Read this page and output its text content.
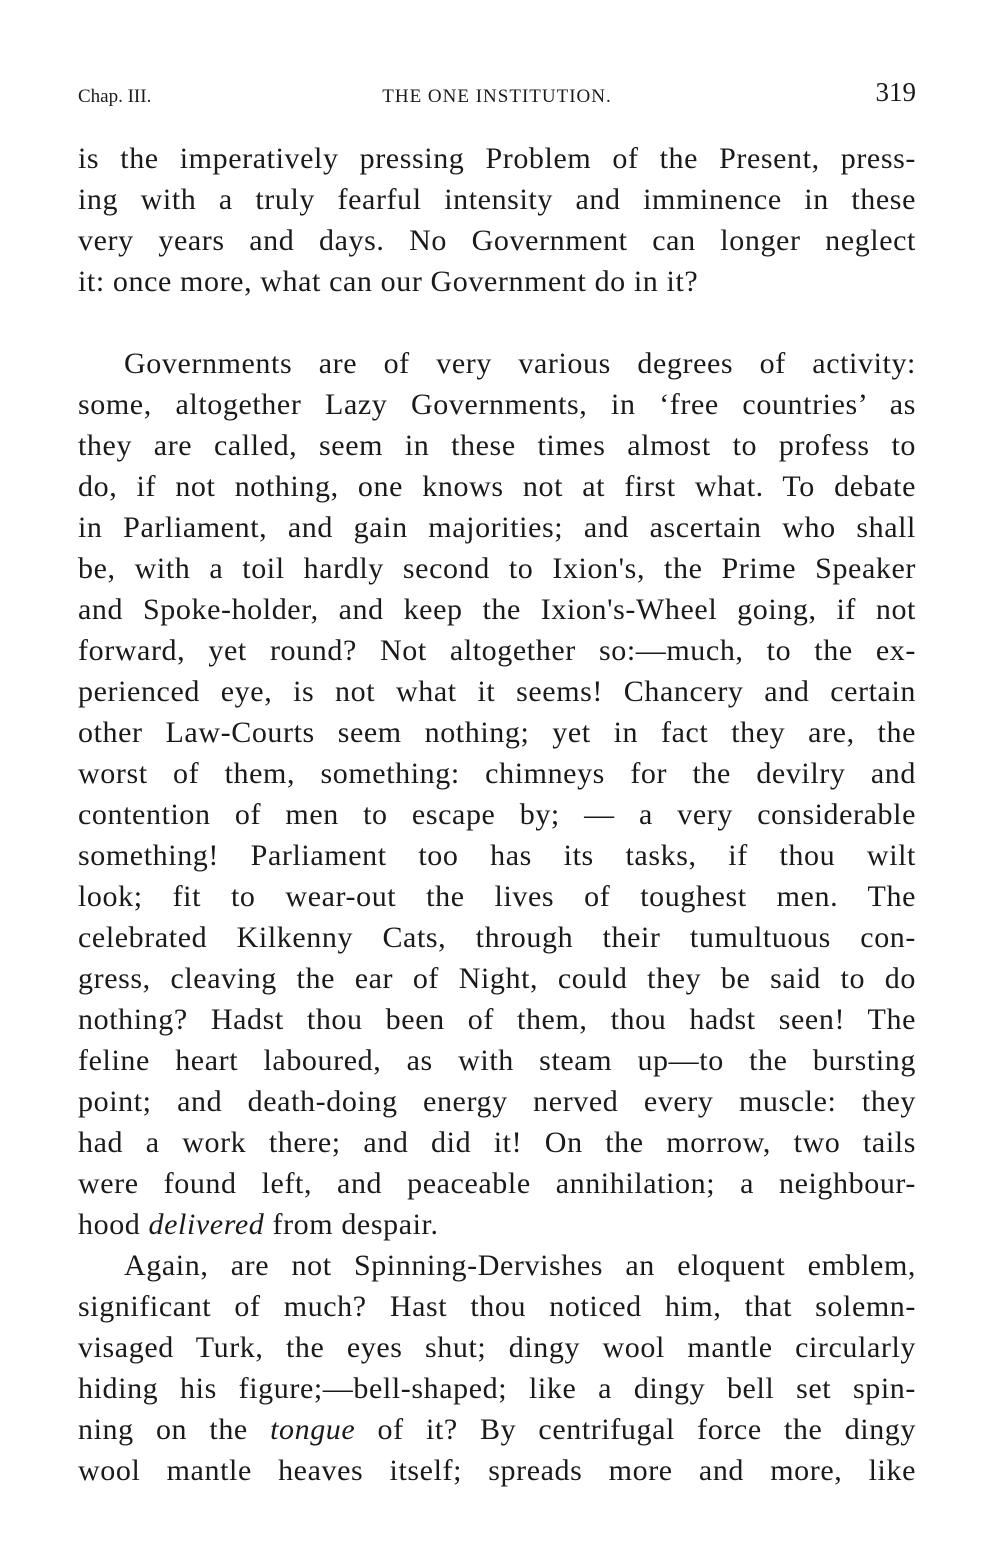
Chap. III.	THE ONE INSTITUTION.	319
is the imperatively pressing Problem of the Present, press-
ing with a truly fearful intensity and imminence in these
very years and days. No Government can longer neglect
it: once more, what can our Government do in it?
Governments are of very various degrees of activity:
some, altogether Lazy Governments, in ‘free countries’ as
they are called, seem in these times almost to profess to
do, if not nothing, one knows not at first what. To debate
in Parliament, and gain majorities; and ascertain who shall
be, with a toil hardly second to Ixion's, the Prime Speaker
and Spoke-holder, and keep the Ixion's-Wheel going, if not
forward, yet round? Not altogether so:—much, to the ex-
perienced eye, is not what it seems! Chancery and certain
other Law-Courts seem nothing; yet in fact they are, the
worst of them, something: chimneys for the devilry and
contention of men to escape by; — a very considerable
something! Parliament too has its tasks, if thou wilt
look; fit to wear-out the lives of toughest men. The
celebrated Kilkenny Cats, through their tumultuous con-
gress, cleaving the ear of Night, could they be said to do
nothing? Hadst thou been of them, thou hadst seen! The
feline heart laboured, as with steam up—to the bursting
point; and death-doing energy nerved every muscle: they
had a work there; and did it! On the morrow, two tails
were found left, and peaceable annihilation; a neighbour-
hood delivered from despair.
Again, are not Spinning-Dervishes an eloquent emblem,
significant of much? Hast thou noticed him, that solemn-
visaged Turk, the eyes shut; dingy wool mantle circularly
hiding his figure;—bell-shaped; like a dingy bell set spin-
ning on the tongue of it? By centrifugal force the dingy
wool mantle heaves itself; spreads more and more, like
